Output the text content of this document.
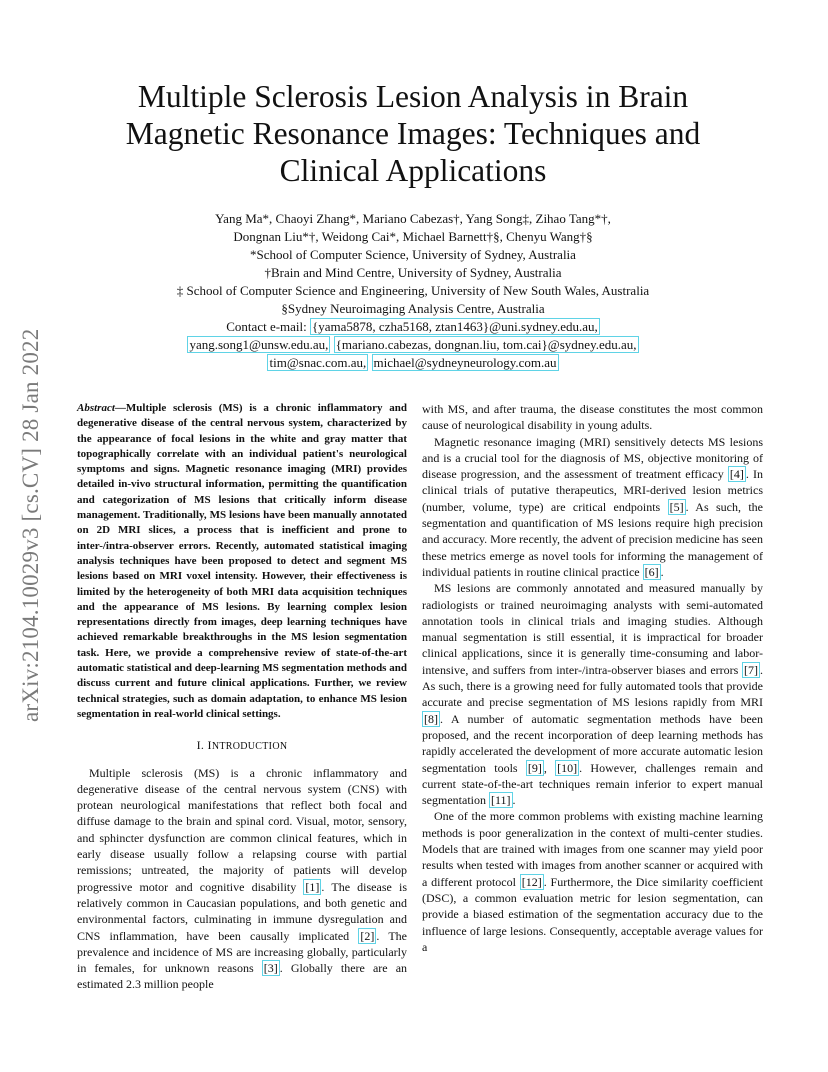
arXiv:2104.10029v3 [cs.CV] 28 Jan 2022
Multiple Sclerosis Lesion Analysis in Brain Magnetic Resonance Images: Techniques and Clinical Applications
Yang Ma*, Chaoyi Zhang*, Mariano Cabezas†, Yang Song‡, Zihao Tang*†,
Dongnan Liu*†, Weidong Cai*, Michael Barnett†§, Chenyu Wang†§
*School of Computer Science, University of Sydney, Australia
†Brain and Mind Centre, University of Sydney, Australia
‡ School of Computer Science and Engineering, University of New South Wales, Australia
§Sydney Neuroimaging Analysis Centre, Australia
Contact e-mail: {yama5878, czha5168, ztan1463}@uni.sydney.edu.au,
yang.song1@unsw.edu.au, {mariano.cabezas, dongnan.liu, tom.cai}@sydney.edu.au,
tim@snac.com.au, michael@sydneyneurology.com.au

Abstract—Multiple sclerosis (MS) is a chronic inflammatory and degenerative disease of the central nervous system, characterized by the appearance of focal lesions in the white and gray matter that topographically correlate with an individual patient's neurological symptoms and signs. Magnetic resonance imaging (MRI) provides detailed in-vivo structural information, permitting the quantification and categorization of MS lesions that critically inform disease management. Traditionally, MS lesions have been manually annotated on 2D MRI slices, a process that is inefficient and prone to inter-/intra-observer errors. Recently, automated statistical imaging analysis techniques have been proposed to detect and segment MS lesions based on MRI voxel intensity. However, their effectiveness is limited by the heterogeneity of both MRI data acquisition techniques and the appearance of MS lesions. By learning complex lesion representations directly from images, deep learning techniques have achieved remarkable breakthroughs in the MS lesion segmentation task. Here, we provide a comprehensive review of state-of-the-art automatic statistical and deep-learning MS segmentation methods and discuss current and future clinical applications. Further, we review technical strategies, such as domain adaptation, to enhance MS lesion segmentation in real-world clinical settings.

I. INTRODUCTION

Multiple sclerosis (MS) is a chronic inflammatory and degenerative disease of the central nervous system (CNS) with protean neurological manifestations that reflect both focal and diffuse damage to the brain and spinal cord. Visual, motor, sensory, and sphincter dysfunction are common clinical features, which in early disease usually follow a relapsing course with partial remissions; untreated, the majority of patients will develop progressive motor and cognitive disability [1] . The disease is relatively common in Caucasian populations, and both genetic and environmental factors, culminating in immune dysregulation and CNS inflammation, have been causally implicated [2] . The prevalence and incidence of MS are increasing globally, particularly in females, for unknown reasons [3] . Globally there are an estimated 2.3 million people

with MS, and after trauma, the disease constitutes the most common cause of neurological disability in young adults.

Magnetic resonance imaging (MRI) sensitively detects MS lesions and is a crucial tool for the diagnosis of MS, objective monitoring of disease progression, and the assessment of treatment efficacy [4] . In clinical trials of putative therapeutics, MRI-derived lesion metrics (number, volume, type) are critical endpoints [5] . As such, the segmentation and quantification of MS lesions require high precision and accuracy. More recently, the advent of precision medicine has seen these metrics emerge as novel tools for informing the management of individual patients in routine clinical practice [6] .

MS lesions are commonly annotated and measured manually by radiologists or trained neuroimaging analysts with semi-automated annotation tools in clinical trials and imaging studies. Although manual segmentation is still essential, it is impractical for broader clinical applications, since it is generally time-consuming and labor-intensive, and suffers from inter-/intra-observer biases and errors [7] . As such, there is a growing need for fully automated tools that provide accurate and precise segmentation of MS lesions rapidly from MRI [8] . A number of automatic segmentation methods have been proposed, and the recent incorporation of deep learning methods has rapidly accelerated the development of more accurate automatic lesion segmentation tools [9] , [10] . However, challenges remain and current state-of-the-art techniques remain inferior to expert manual segmentation [11] .

One of the more common problems with existing machine learning methods is poor generalization in the context of multi-center studies. Models that are trained with images from one scanner may yield poor results when tested with images from another scanner or acquired with a different protocol [12] . Furthermore, the Dice similarity coefficient (DSC), a common evaluation metric for lesion segmentation, can provide a biased estimation of the segmentation accuracy due to the influence of large lesions. Consequently, acceptable average values for a
